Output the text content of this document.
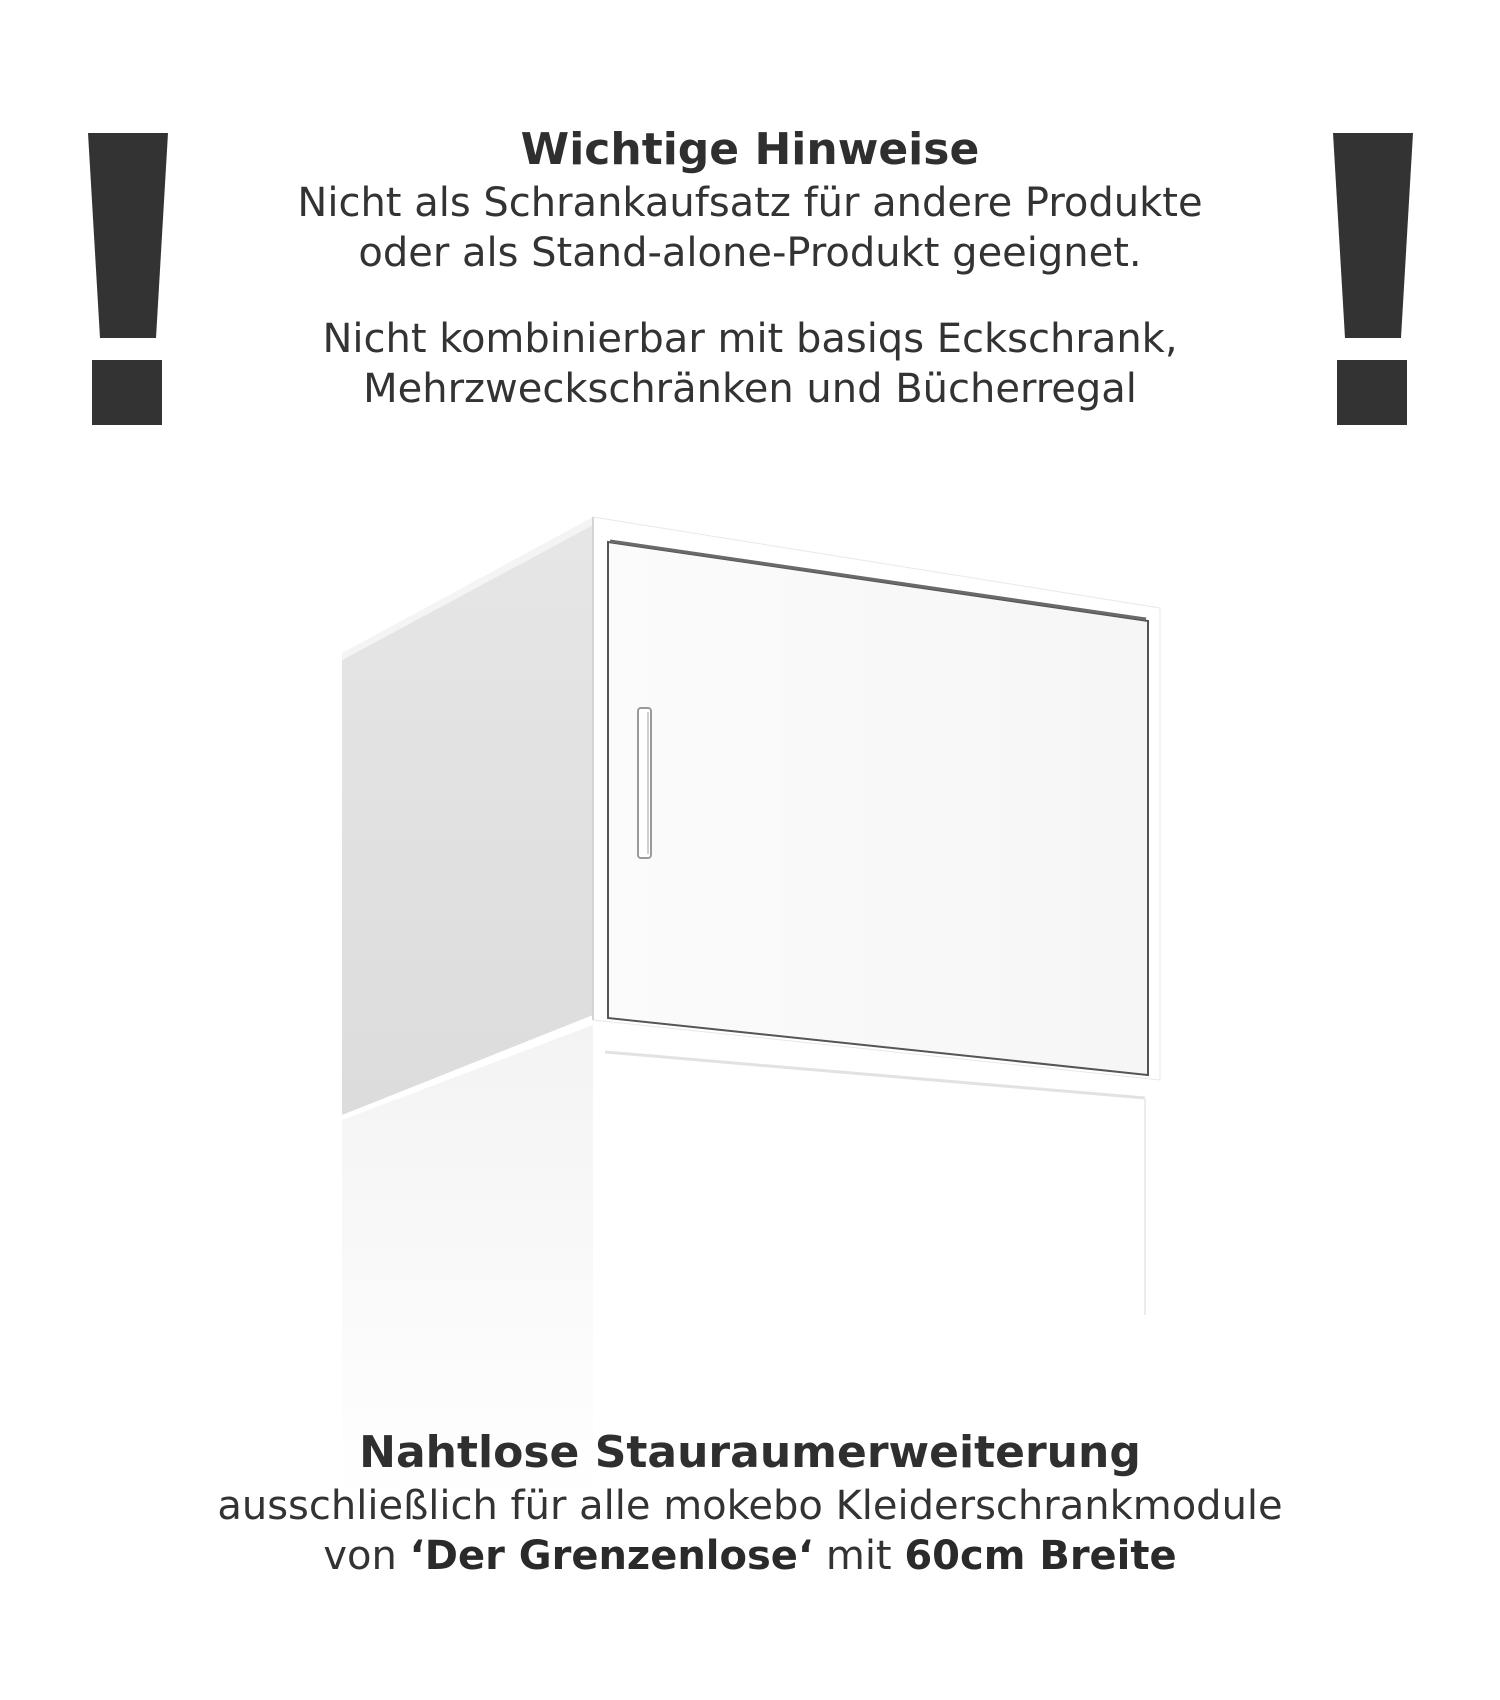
Wichtige Hinweise

Nicht als Schrankaufsatz für andere Produkte

oder als Stand-alone-Produkt geeignet.

Nicht kombinierbar mit basiqs Eckschrank,

Mehrzweckschränken und Bücherregal

Nahtlose Stauraumerweiterung

ausschließlich für alle mokebo Kleiderschrankmodule

von ‘Der Grenzenlose‘ mit 60cm Breite
